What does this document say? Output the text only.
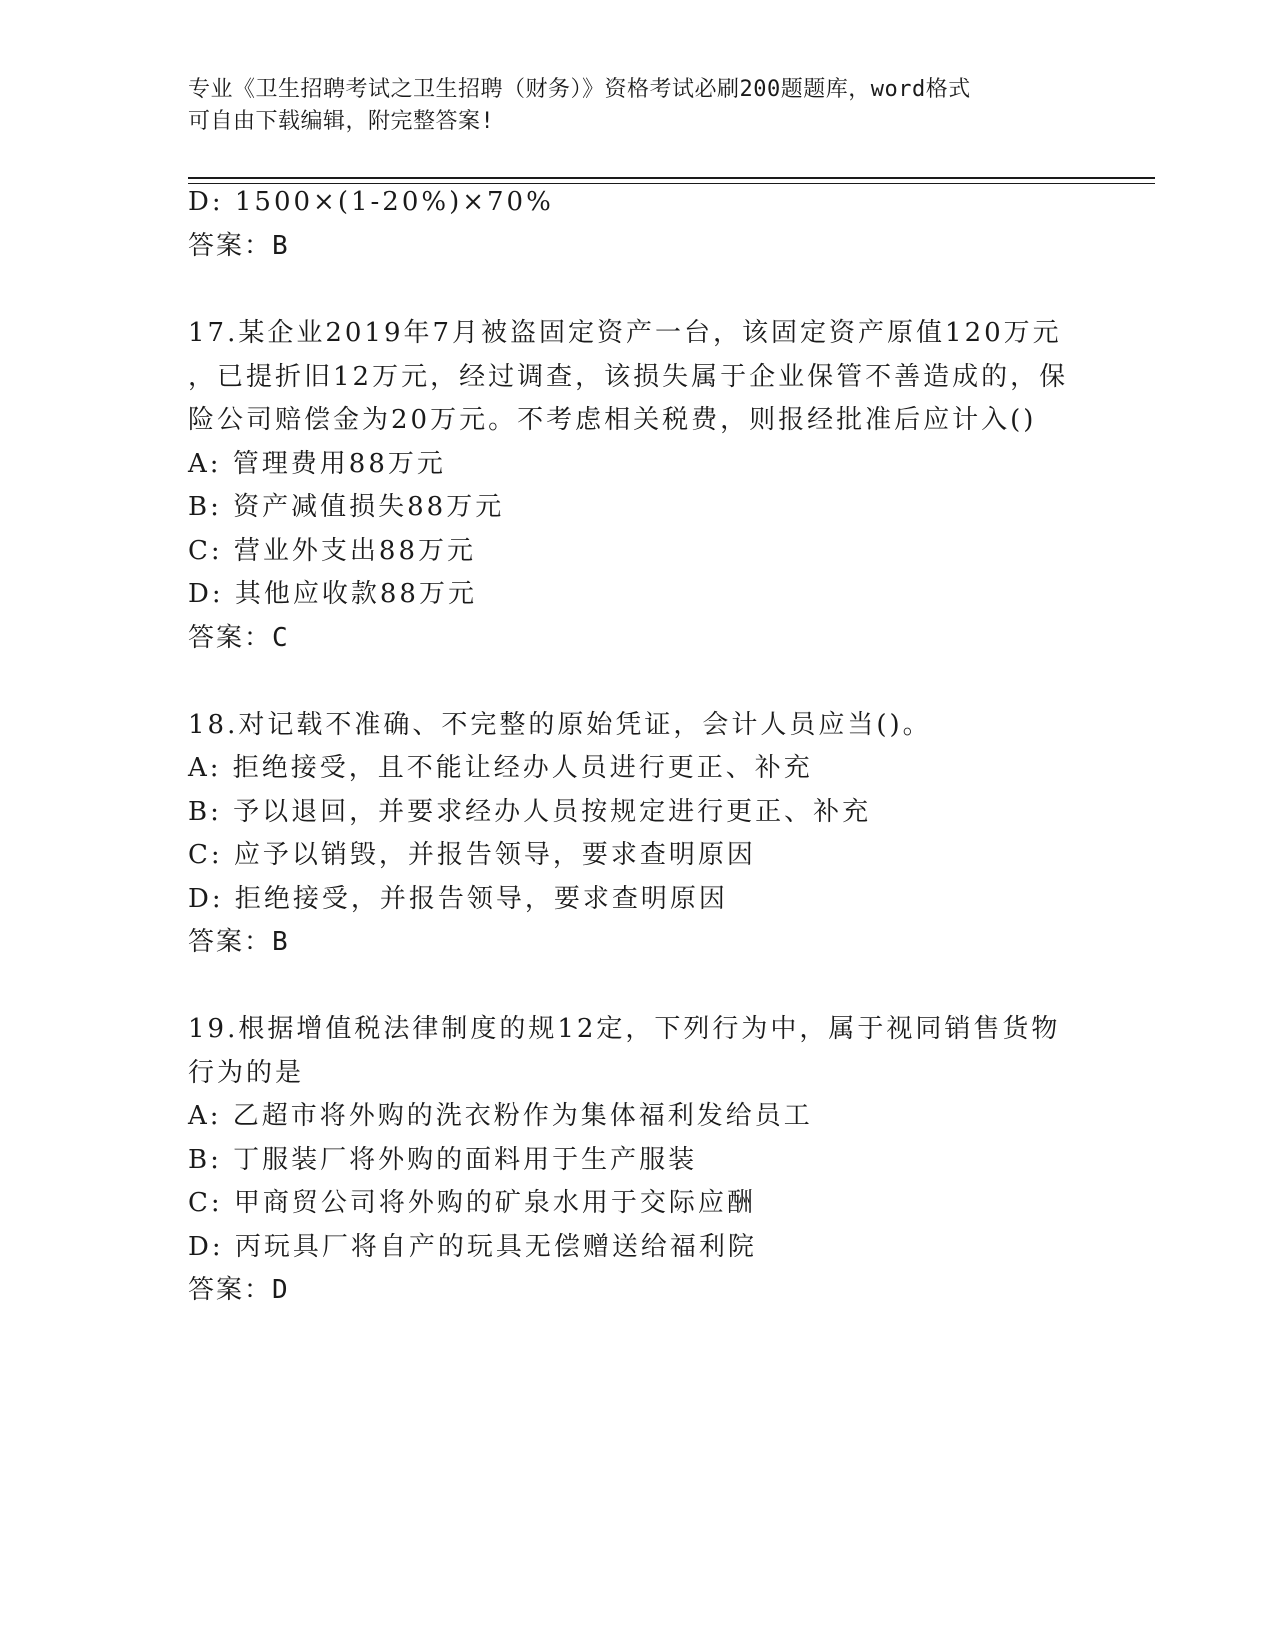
专业《卫生招聘考试之卫生招聘（财务）》资格考试必刷200题题库，word格式
可自由下载编辑，附完整答案!
D: 1500×(1-20%)×70%
答案：B
17.某企业2019年7月被盗固定资产一台，该固定资产原值120万元
，已提折旧12万元，经过调查，该损失属于企业保管不善造成的，保
险公司赔偿金为20万元。不考虑相关税费，则报经批准后应计入()
A: 管理费用88万元
B: 资产减值损失88万元
C: 营业外支出88万元
D: 其他应收款88万元
答案：C
18.对记载不准确、不完整的原始凭证，会计人员应当()。
A: 拒绝接受，且不能让经办人员进行更正、补充
B: 予以退回，并要求经办人员按规定进行更正、补充
C: 应予以销毁，并报告领导，要求查明原因
D: 拒绝接受，并报告领导，要求查明原因
答案：B
19.根据增值税法律制度的规12定，下列行为中，属于视同销售货物
行为的是
A: 乙超市将外购的洗衣粉作为集体福利发给员工
B: 丁服装厂将外购的面料用于生产服装
C: 甲商贸公司将外购的矿泉水用于交际应酬
D: 丙玩具厂将自产的玩具无偿赠送给福利院
答案：D
